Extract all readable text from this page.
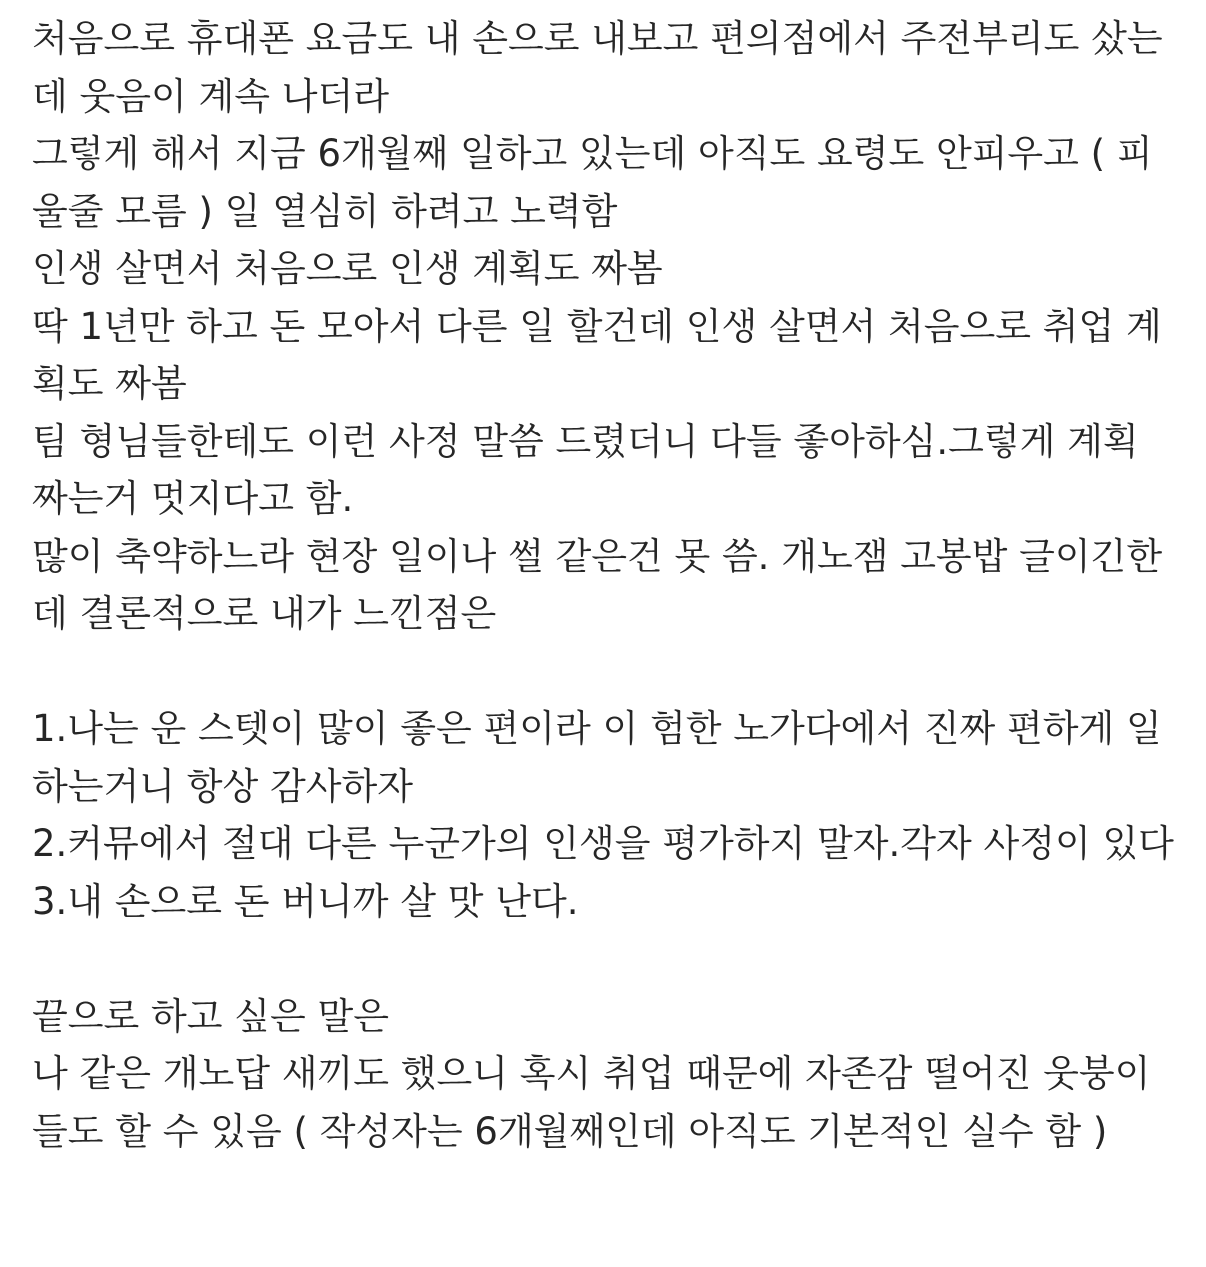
처음으로 휴대폰 요금도 내 손으로 내보고 편의점에서 주전부리도 샀는
데 웃음이 계속 나더라
그렇게 해서 지금 6개월째 일하고 있는데 아직도 요령도 안피우고 ( 피
울줄 모름 ) 일 열심히 하려고 노력함
인생 살면서 처음으로 인생 계획도 짜봄
딱 1년만 하고 돈 모아서 다른 일 할건데 인생 살면서 처음으로 취업 계
획도 짜봄
팀 형님들한테도 이런 사정 말씀 드렸더니 다들 좋아하심.그렇게 계획
짜는거 멋지다고 함.
많이 축약하느라 현장 일이나 썰 같은건 못 씀. 개노잼 고봉밥 글이긴한
데 결론적으로 내가 느낀점은
1.나는 운 스텟이 많이 좋은 편이라 이 험한 노가다에서 진짜 편하게 일
하는거니 항상 감사하자
2.커뮤에서 절대 다른 누군가의 인생을 평가하지 말자.각자 사정이 있다
3.내 손으로 돈 버니까 살 맛 난다.
끝으로 하고 싶은 말은
나 같은 개노답 새끼도 했으니 혹시 취업 때문에 자존감 떨어진 웃붕이
들도 할 수 있음 ( 작성자는 6개월째인데 아직도 기본적인 실수 함 )
